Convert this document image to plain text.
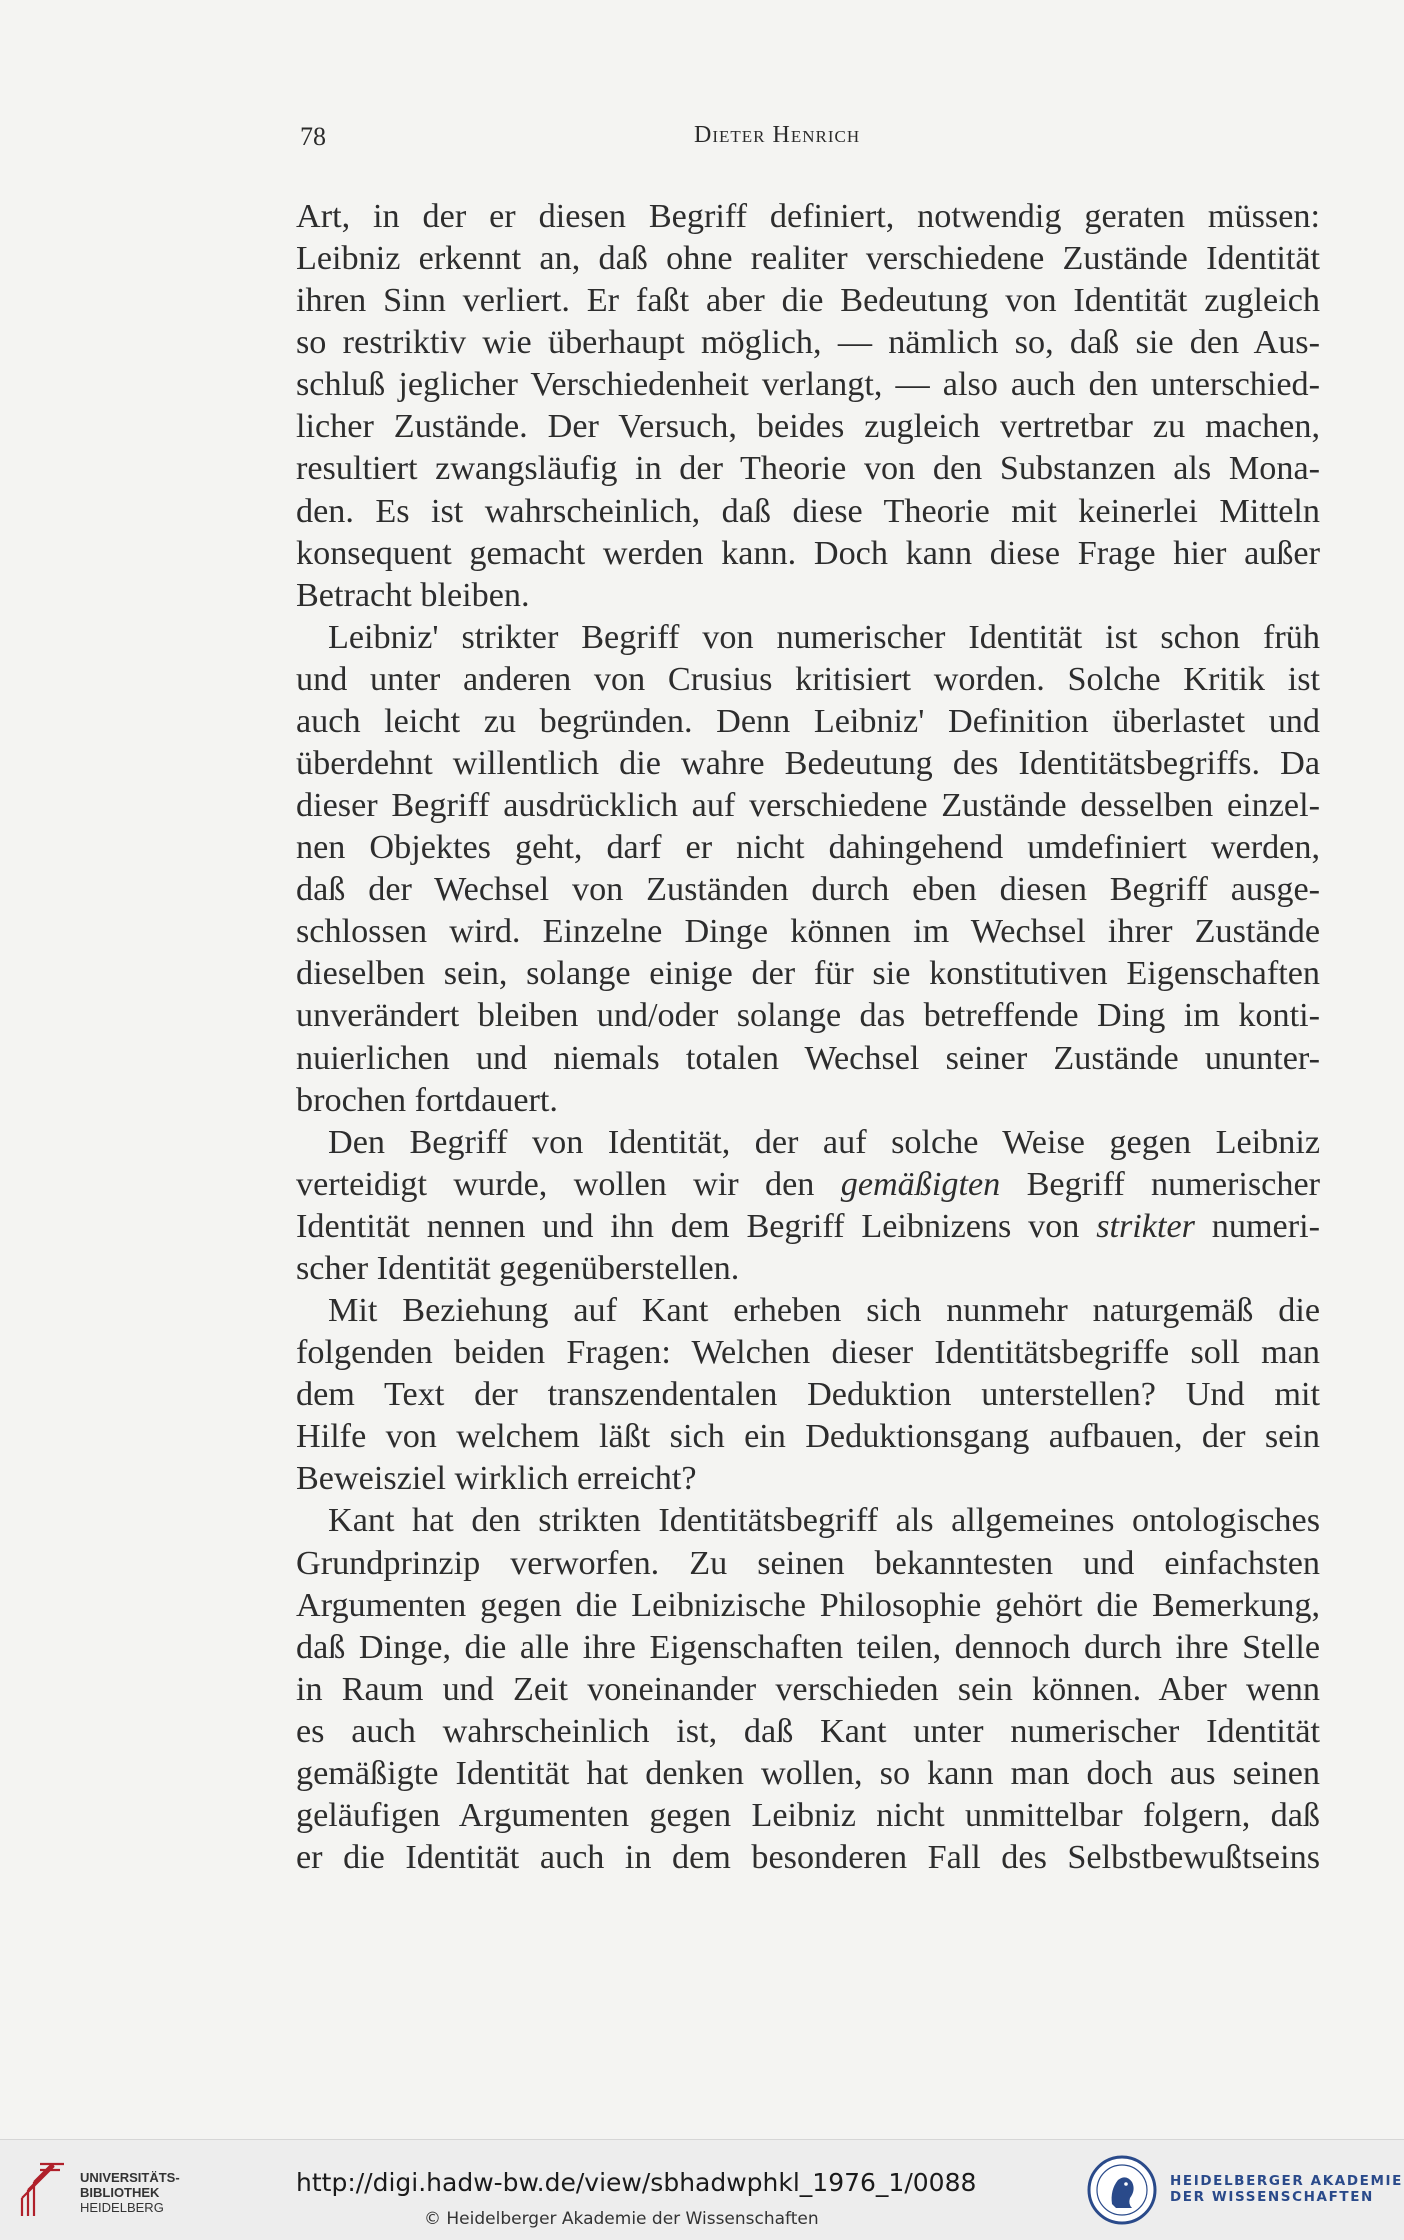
78	Dieter Henrich
Art, in der er diesen Begriff definiert, notwendig geraten müssen:
Leibniz erkennt an, daß ohne realiter verschiedene Zustände Identität
ihren Sinn verliert. Er faßt aber die Bedeutung von Identität zugleich
so restriktiv wie überhaupt möglich, — nämlich so, daß sie den Aus-
schluß jeglicher Verschiedenheit verlangt, — also auch den unterschied-
licher Zustände. Der Versuch, beides zugleich vertretbar zu machen,
resultiert zwangsläufig in der Theorie von den Substanzen als Mona-
den. Es ist wahrscheinlich, daß diese Theorie mit keinerlei Mitteln
konsequent gemacht werden kann. Doch kann diese Frage hier außer
Betracht bleiben.
Leibniz' strikter Begriff von numerischer Identität ist schon früh
und unter anderen von Crusius kritisiert worden. Solche Kritik ist
auch leicht zu begründen. Denn Leibniz' Definition überlastet und
überdehnt willentlich die wahre Bedeutung des Identitätsbegriffs. Da
dieser Begriff ausdrücklich auf verschiedene Zustände desselben einzel-
nen Objektes geht, darf er nicht dahingehend umdefiniert werden,
daß der Wechsel von Zuständen durch eben diesen Begriff ausge-
schlossen wird. Einzelne Dinge können im Wechsel ihrer Zustände
dieselben sein, solange einige der für sie konstitutiven Eigenschaften
unverändert bleiben und/oder solange das betreffende Ding im konti-
nuierlichen und niemals totalen Wechsel seiner Zustände ununter-
brochen fortdauert.
Den Begriff von Identität, der auf solche Weise gegen Leibniz
verteidigt wurde, wollen wir den gemäßigten Begriff numerischer
Identität nennen und ihn dem Begriff Leibnizens von strikter numeri-
scher Identität gegenüberstellen.
Mit Beziehung auf Kant erheben sich nunmehr naturgemäß die
folgenden beiden Fragen: Welchen dieser Identitätsbegriffe soll man
dem Text der transzendentalen Deduktion unterstellen? Und mit
Hilfe von welchem läßt sich ein Deduktionsgang aufbauen, der sein
Beweisziel wirklich erreicht?
Kant hat den strikten Identitätsbegriff als allgemeines ontologisches
Grundprinzip verworfen. Zu seinen bekanntesten und einfachsten
Argumenten gegen die Leibnizische Philosophie gehört die Bemerkung,
daß Dinge, die alle ihre Eigenschaften teilen, dennoch durch ihre Stelle
in Raum und Zeit voneinander verschieden sein können. Aber wenn
es auch wahrscheinlich ist, daß Kant unter numerischer Identität
gemäßigte Identität hat denken wollen, so kann man doch aus seinen
geläufigen Argumenten gegen Leibniz nicht unmittelbar folgern, daß
er die Identität auch in dem besonderen Fall des Selbstbewußtseins
UNIVERSITÄTS-
BIBLIOTHEK
HEIDELBERG
http://digi.hadw-bw.de/view/sbhadwphkl_1976_1/0088
© Heidelberger Akademie der Wissenschaften
HEIDELBERGER AKADEMIE
DER WISSENSCHAFTEN
